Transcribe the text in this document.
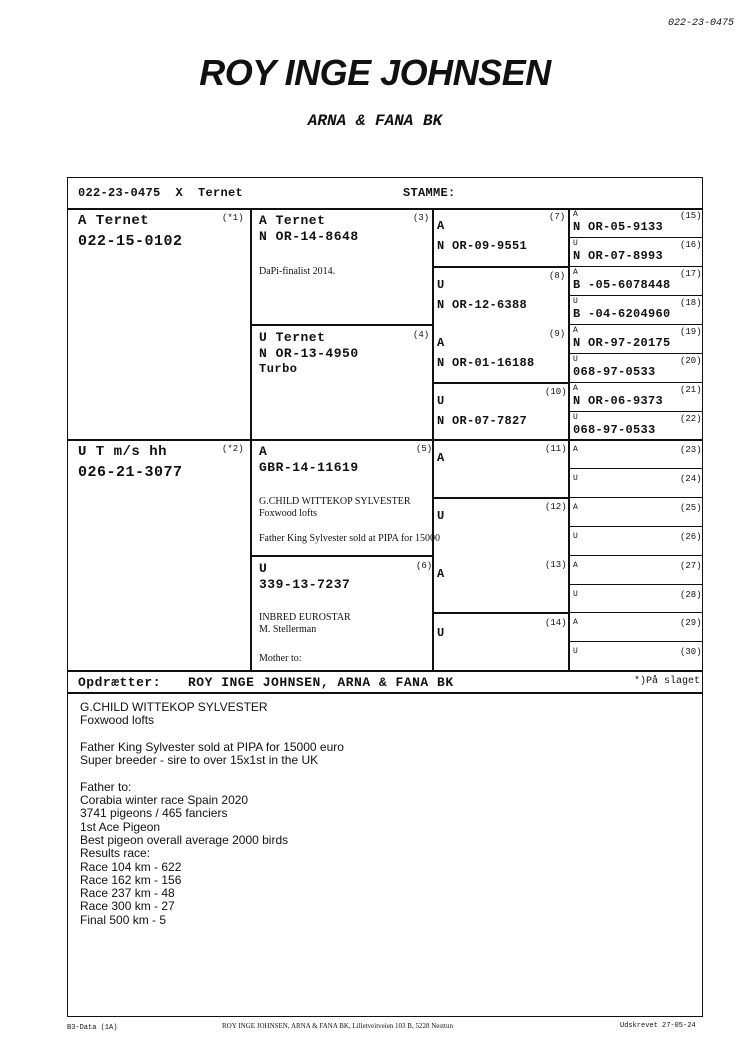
022-23-0475
ROY INGE JOHNSEN
ARNA & FANA BK
022-23-0475  X  Ternet	STAMME:
A Ternet	(*1)
022-15-0102
U T m/s hh	(*2)
026-21-3077
A Ternet	(3)
N OR-14-8648
DaPi-finalist 2014.
U Ternet	(4)
N OR-13-4950
Turbo
A	(5)
GBR-14-11619
G.CHILD WITTEKOP SYLVESTER
Foxwood lofts
Father King Sylvester sold at PIPA for 15000
U	(6)
339-13-7237
INBRED EUROSTAR
M. Stellerman
Mother to:
A
(7)
N OR-09-9551
U
(8)
N OR-12-6388
A
(9)
N OR-01-16188
U
(10)
N OR-07-7827
A
(11)
U
(12)
A
(13)
U
(14)
A	(15)
N OR-05-9133
U	(16)
N OR-07-8993
A	(17)
B -05-6078448
U	(18)
B -04-6204960
A	(19)
N OR-97-20175
U	(20)
068-97-0533
A	(21)
N OR-06-9373
U	(22)
068-97-0533
A	(23)
U	(24)
A	(25)
U	(26)
A	(27)
U	(28)
A	(29)
U	(30)
Opdrætter: ROY INGE JOHNSEN, ARNA & FANA BK	*)På slaget
G.CHILD WITTEKOP SYLVESTER
Foxwood lofts
Father King Sylvester sold at PIPA for 15000 euro
Super breeder - sire to over 15x1st in the UK
Father to:
Corabia winter race Spain 2020
3741 pigeons / 465 fanciers
1st Ace Pigeon
Best pigeon overall average 2000 birds
Results race:
Race 104 km - 622
Race 162 km - 156
Race 237 km - 48
Race 300 km - 27
Final 500 km - 5
B3-Data (1A)	ROY INGE JOHNSEN, ARNA & FANA BK, Lilletveitveien 103 B, 5228 Nesttun	Udskrevet 27-05-24
